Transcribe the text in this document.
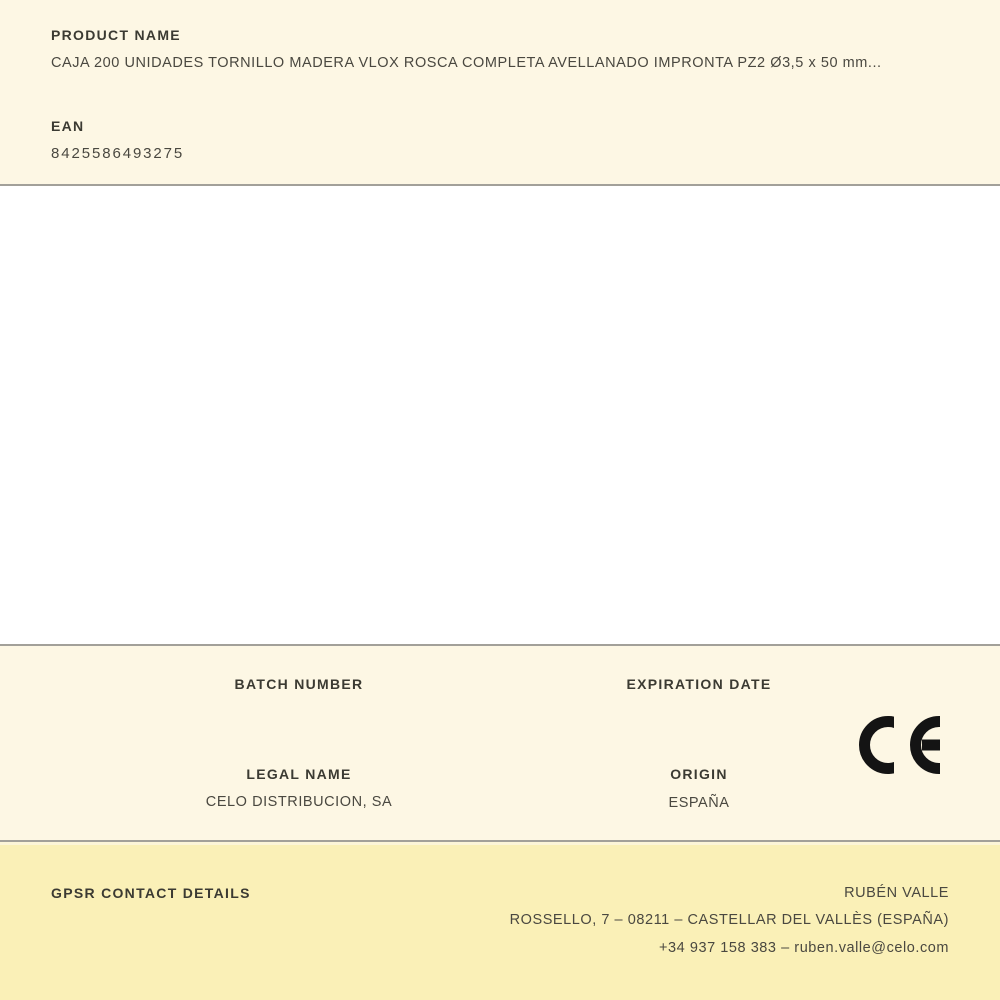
PRODUCT NAME
CAJA 200 UNIDADES TORNILLO MADERA VLOX ROSCA COMPLETA AVELLANADO IMPRONTA PZ2 Ø3,5 x 50 mm...
EAN
8425586493275
BATCH NUMBER	EXPIRATION DATE
LEGAL NAME
CELO DISTRIBUCION, SA
ORIGIN
ESPAÑA
GPSR CONTACT DETAILS	RUBÉN VALLE
ROSSELLO, 7 – 08211 – CASTELLAR DEL VALLÈS (ESPAÑA)
+34 937 158 383 – ruben.valle@celo.com
